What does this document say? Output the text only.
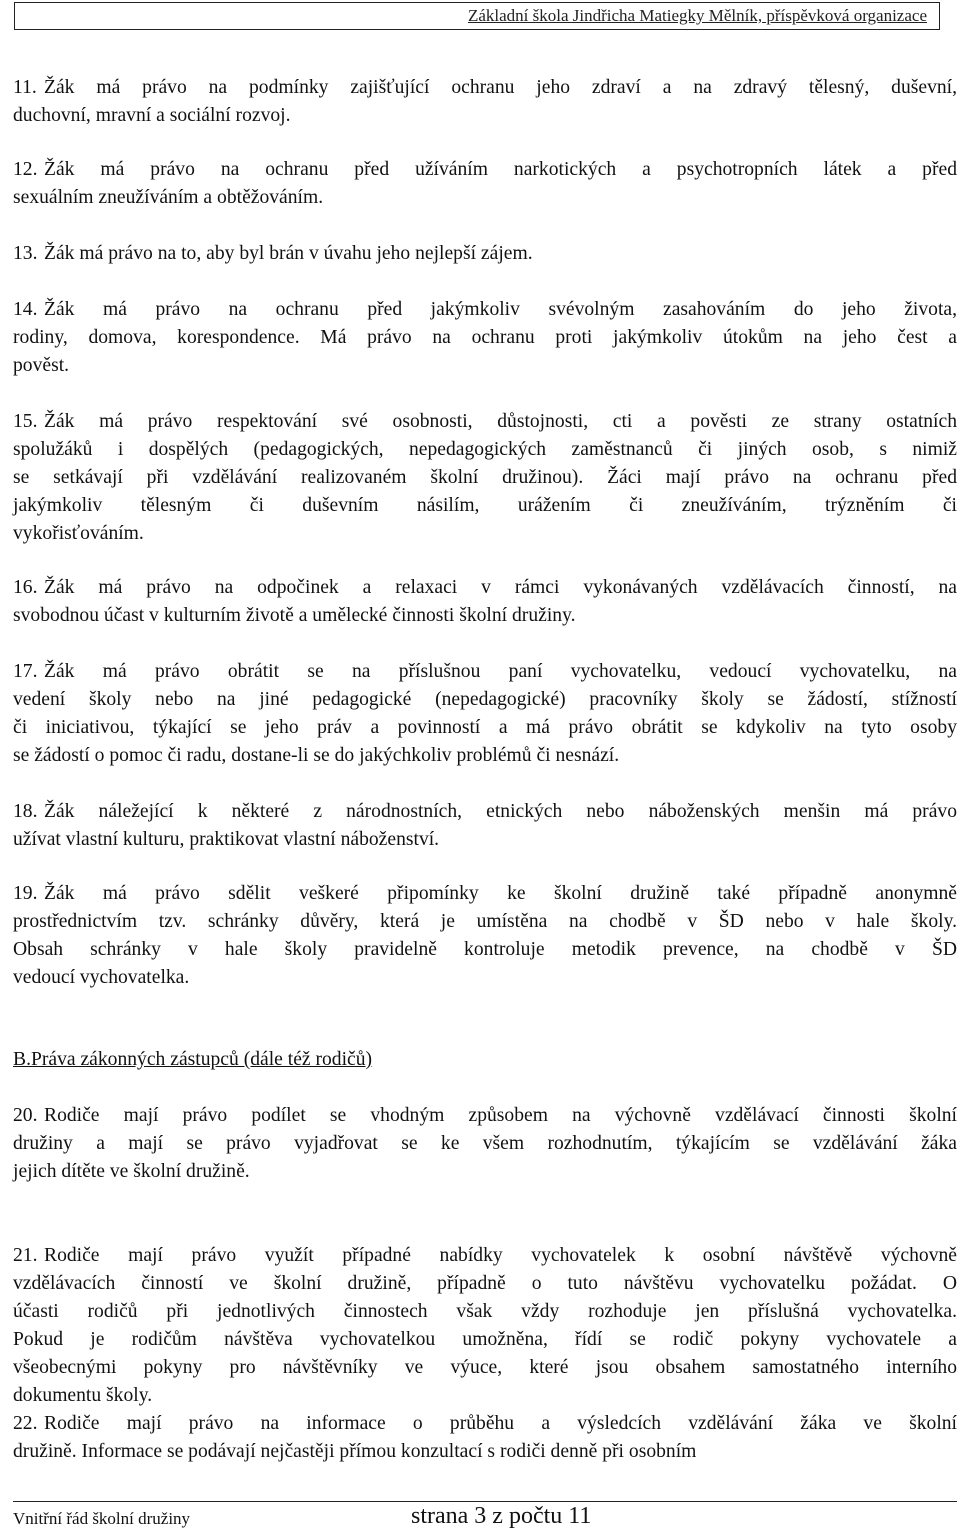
Základní škola Jindřicha Matiegky Mělník, příspěvková organizace
11. Žák má právo na podmínky zajišťující ochranu jeho zdraví a na zdravý tělesný, duševní,
duchovní, mravní a sociální rozvoj.
12. Žák má právo na ochranu před užíváním narkotických a psychotropních látek a před
sexuálním zneužíváním a obtěžováním.
13. Žák má právo na to, aby byl brán v úvahu jeho nejlepší zájem.
14. Žák má právo na ochranu před jakýmkoliv svévolným zasahováním do jeho života,
rodiny, domova, korespondence. Má právo na ochranu proti jakýmkoliv útokům na jeho čest a
pověst.
15. Žák má právo respektování své osobnosti, důstojnosti, cti a pověsti ze strany ostatních
spolužáků i dospělých (pedagogických, nepedagogických zaměstnanců či jiných osob, s nimiž
se setkávají při vzdělávání realizovaném školní družinou). Žáci mají právo na ochranu před
jakýmkoliv tělesným či duševním násilím, urážením či zneužíváním, trýzněním či
vykořisťováním.
16. Žák má právo na odpočinek a relaxaci v rámci vykonávaných vzdělávacích činností, na
svobodnou účast v kulturním životě a umělecké činnosti školní družiny.
17. Žák má právo obrátit se na příslušnou paní vychovatelku, vedoucí vychovatelku, na
vedení školy nebo na jiné pedagogické (nepedagogické) pracovníky školy se žádostí, stížností
či iniciativou, týkající se jeho práv a povinností a má právo obrátit se kdykoliv na tyto osoby
se žádostí o pomoc či radu, dostane-li se do jakýchkoliv problémů či nesnází.
18. Žák náležející k některé z národnostních, etnických nebo náboženských menšin má právo
užívat vlastní kulturu, praktikovat vlastní náboženství.
19. Žák má právo sdělit veškeré připomínky ke školní družině také případně anonymně
prostřednictvím tzv. schránky důvěry, která je umístěna na chodbě v ŠD nebo v hale školy.
Obsah schránky v hale školy pravidelně kontroluje metodik prevence, na chodbě v ŠD
vedoucí vychovatelka.
20. Rodiče mají právo podílet se vhodným způsobem na výchovně vzdělávací činnosti školní
družiny a mají se právo vyjadřovat se ke všem rozhodnutím, týkajícím se vzdělávání žáka
jejich dítěte ve školní družině.
21. Rodiče mají právo využít případné nabídky vychovatelek k osobní návštěvě výchovně
vzdělávacích činností ve školní družině, případně o tuto návštěvu vychovatelku požádat. O
účasti rodičů při jednotlivých činnostech však vždy rozhoduje jen příslušná vychovatelka.
Pokud je rodičům návštěva vychovatelkou umožněna, řídí se rodič pokyny vychovatele a
všeobecnými pokyny pro návštěvníky ve výuce, které jsou obsahem samostatného interního
dokumentu školy.
22. Rodiče mají právo na informace o průběhu a výsledcích vzdělávání žáka ve školní
družině. Informace se podávají nejčastěji přímou konzultací s rodiči denně při osobním
B.Práva zákonných zástupců (dále též rodičů)
Vnitřní řád školní družiny	strana 3 z počtu 11
